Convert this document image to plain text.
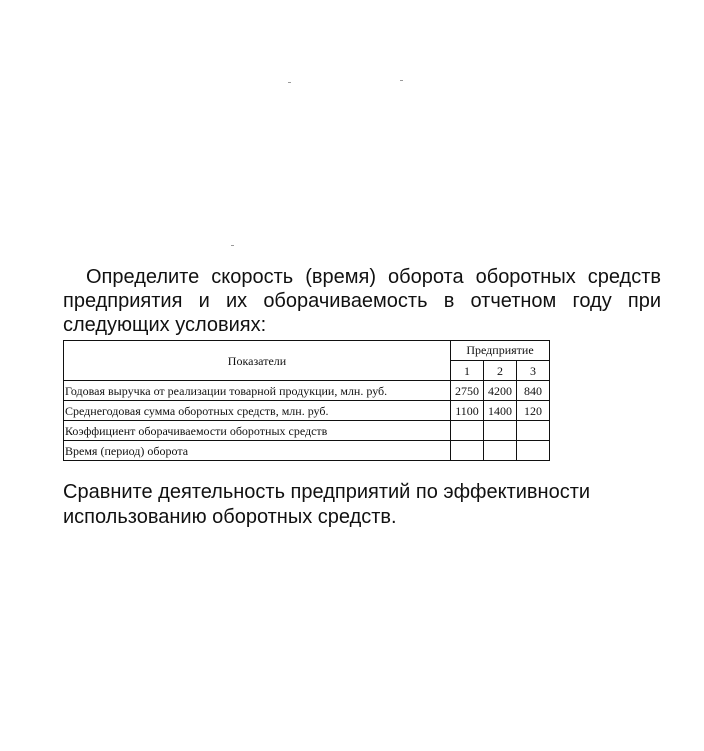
Определите скорость (время) оборота оборотных средств предприятия и их оборачиваемость в отчетном году при следующих условиях:

Показатели	Предприятие		
	1	2	3
Годовая выручка от реализации товарной продукции, млн. руб.	2750	4200	840
Среднегодовая сумма оборотных средств, млн. руб.	1100	1400	120
Коэффициент оборачиваемости оборотных средств			
Время (период) оборота			

Сравните деятельность предприятий по эффективности использованию оборотных средств.
